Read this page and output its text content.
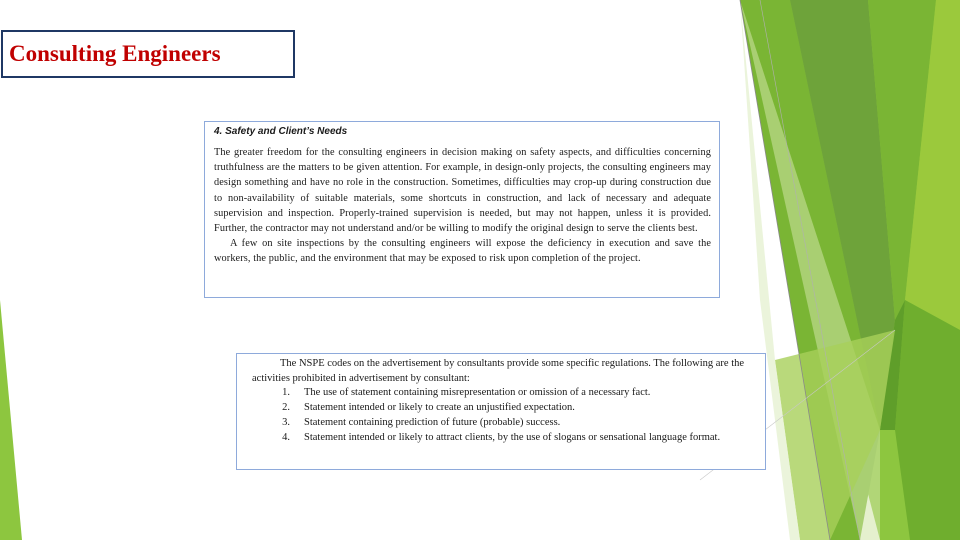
Consulting Engineers
4. Safety and Client’s Needs

The greater freedom for the consulting engineers in decision making on safety aspects, and difficulties concerning truthfulness are the matters to be given attention. For example, in design-only projects, the consulting engineers may design something and have no role in the construction. Sometimes, difficulties may crop-up during construction due to non-availability of suitable materials, some shortcuts in construction, and lack of necessary and adequate supervision and inspection. Properly-trained supervision is needed, but may not happen, unless it is provided. Further, the contractor may not understand and/or be willing to modify the original design to serve the clients best.

A few on site inspections by the consulting engineers will expose the deficiency in execution and save the workers, the public, and the environment that may be exposed to risk upon completion of the project.

The NSPE codes on the advertisement by consultants provide some specific regulations. The following are the activities prohibited in advertisement by consultant:

1.	The use of statement containing misrepresentation or omission of a necessary fact.
2.	Statement intended or likely to create an unjustified expectation.
3.	Statement containing prediction of future (probable) success.
4.	Statement intended or likely to attract clients, by the use of slogans or sensational language format.
